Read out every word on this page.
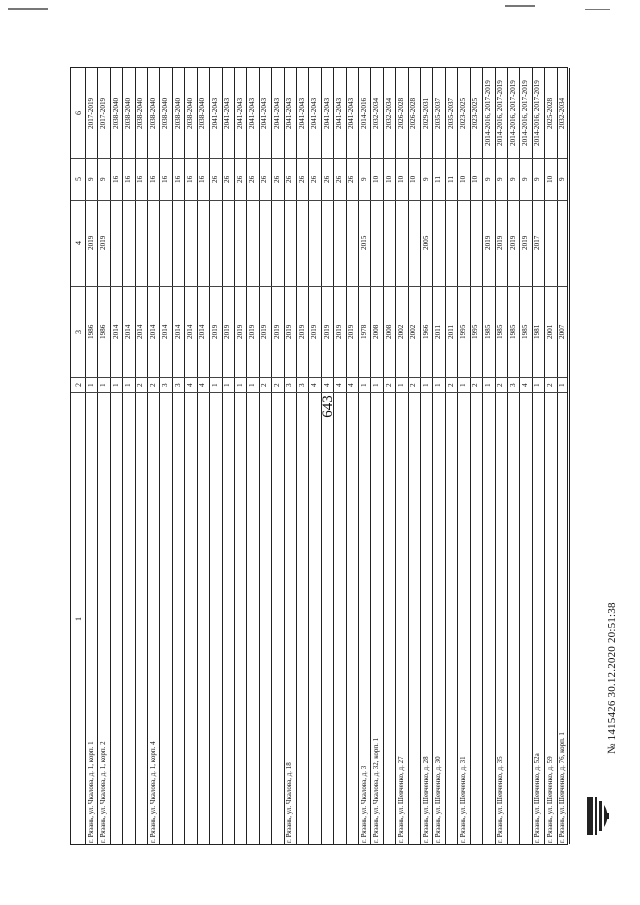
643
1
2
3
4
5
6
г. Рязань, ул. Чкалова, д. 1, корп. 1
1
1986
2019
9
2017-2019
г. Рязань, ул. Чкалова, д. 1, корп. 2
1
1986
2019
9
2017-2019
1
2014
16
2038-2040
1
2014
16
2038-2040
2
2014
16
2038-2040
г. Рязань, ул. Чкалова, д. 1, корп. 4
2
2014
16
2038-2040
3
2014
16
2038-2040
3
2014
16
2038-2040
4
2014
16
2038-2040
4
2014
16
2038-2040
1
2019
26
2041-2043
1
2019
26
2041-2043
1
2019
26
2041-2043
1
2019
26
2041-2043
2
2019
26
2041-2043
2
2019
26
2041-2043
г. Рязань, ул. Чкалова, д. 18
3
2019
26
2041-2043
3
2019
26
2041-2043
4
2019
26
2041-2043
4
2019
26
2041-2043
4
2019
26
2041-2043
4
2019
26
2041-2043
г. Рязань, ул. Чкалова, д. 3
1
1978
2015
9
2014-2016
г. Рязань, ул. Чкалова, д. 32, корп. 1
1
2008
10
2032-2034
2
2008
10
2032-2034
г. Рязань, ул. Шевченко, д. 27
1
2002
10
2026-2028
2
2002
10
2026-2028
г. Рязань, ул. Шевченко, д. 28
1
1966
2005
9
2029-2031
г. Рязань, ул. Шевченко, д. 30
1
2011
11
2035-2037
2
2011
11
2035-2037
г. Рязань, ул. Шевченко, д. 31
1
1995
10
2023-2025
2
1995
10
2023-2025
1
1985
2019
9
2014-2016, 2017-2019
г. Рязань, ул. Шевченко, д. 35
2
1985
2019
9
2014-2016, 2017-2019
3
1985
2019
9
2014-2016, 2017-2019
4
1985
2019
9
2014-2016, 2017-2019
г. Рязань, ул. Шевченко, д. 52а
1
1981
2017
9
2014-2016, 2017-2019
г. Рязань, ул. Шевченко, д. 59
2
2001
10
2025-2028
г. Рязань, ул. Шевченко, д. 76, корп. 1
1
2007
9
2032-2034
№ 1415426 30.12.2020 20:51:38
